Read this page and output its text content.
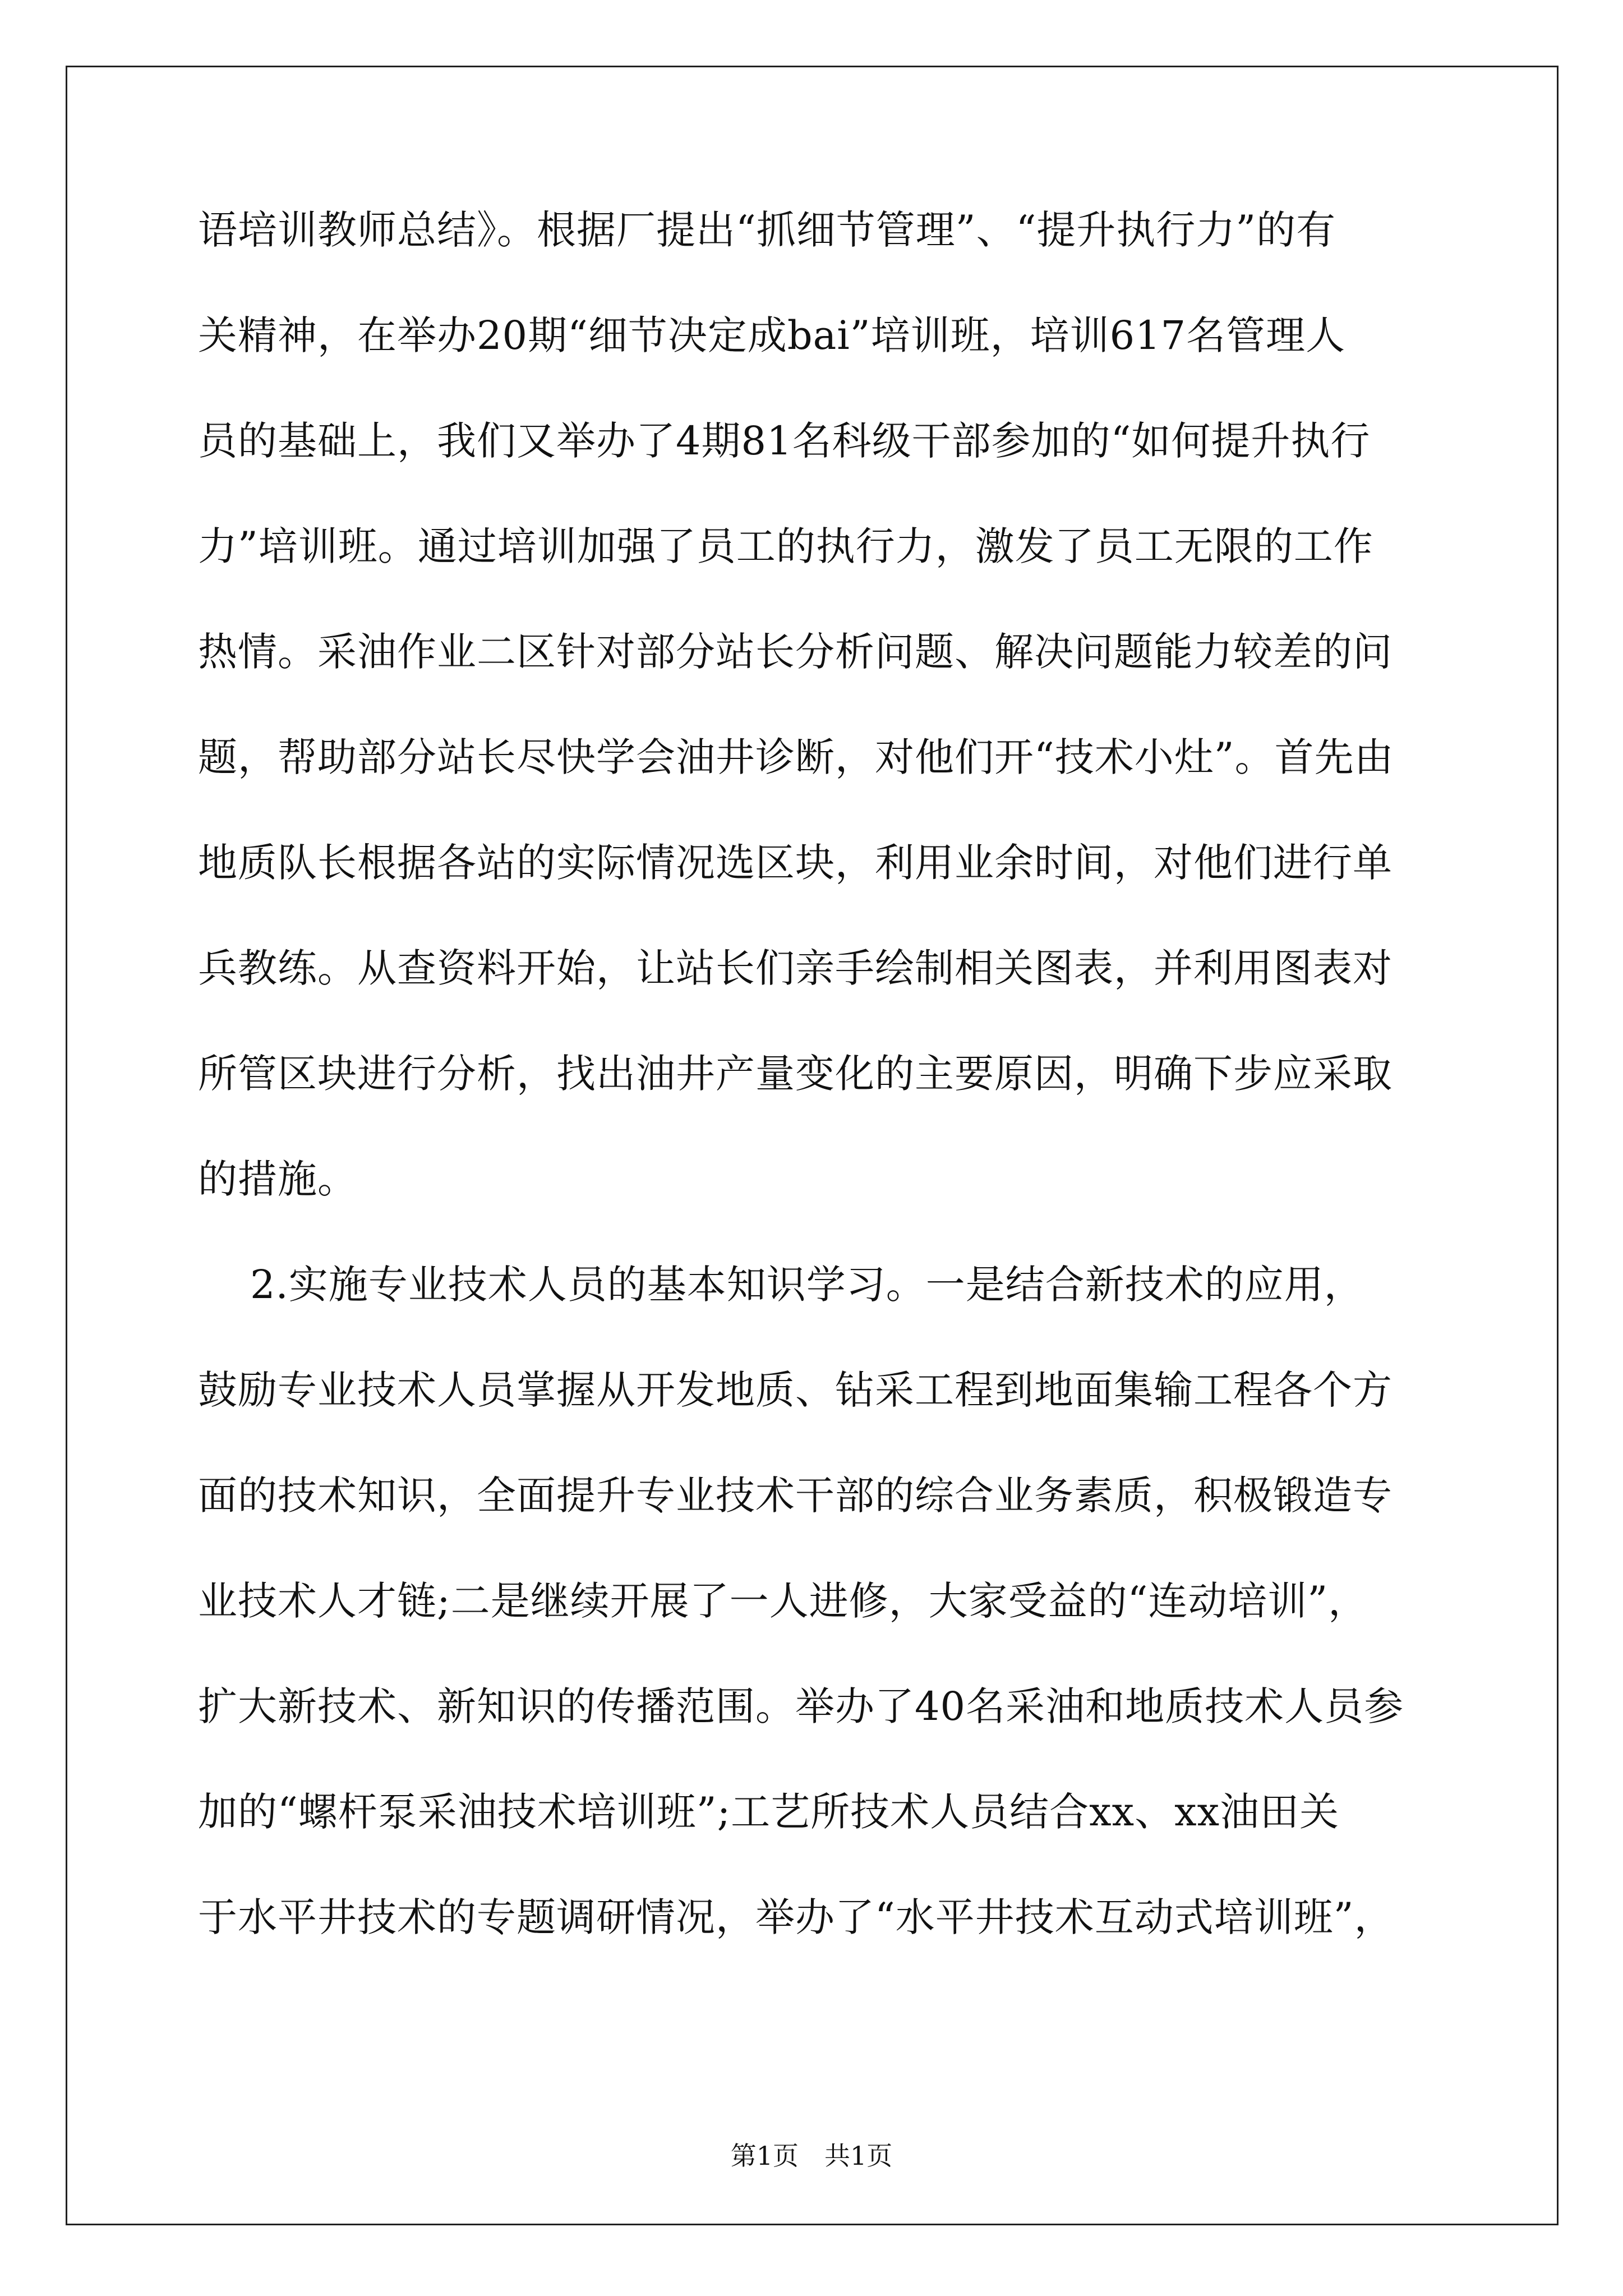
语培训教师总结》。根据厂提出“抓细节管理”、“提升执行力”的有
关精神，在举办20期“细节决定成bai”培训班，培训617名管理人
员的基础上，我们又举办了4期81名科级干部参加的“如何提升执行
力”培训班。通过培训加强了员工的执行力，激发了员工无限的工作
热情。采油作业二区针对部分站长分析问题、解决问题能力较差的问
题，帮助部分站长尽快学会油井诊断，对他们开“技术小灶”。首先由
地质队长根据各站的实际情况选区块，利用业余时间，对他们进行单
兵教练。从查资料开始，让站长们亲手绘制相关图表，并利用图表对
所管区块进行分析，找出油井产量变化的主要原因，明确下步应采取
的措施。
2.实施专业技术人员的基本知识学习。一是结合新技术的应用，
鼓励专业技术人员掌握从开发地质、钻采工程到地面集输工程各个方
面的技术知识，全面提升专业技术干部的综合业务素质，积极锻造专
业技术人才链;二是继续开展了一人进修，大家受益的“连动培训”，
扩大新技术、新知识的传播范围。举办了40名采油和地质技术人员参
加的“螺杆泵采油技术培训班”;工艺所技术人员结合xx、xx油田关
于水平井技术的专题调研情况，举办了“水平井技术互动式培训班”，
第1页　共1页
